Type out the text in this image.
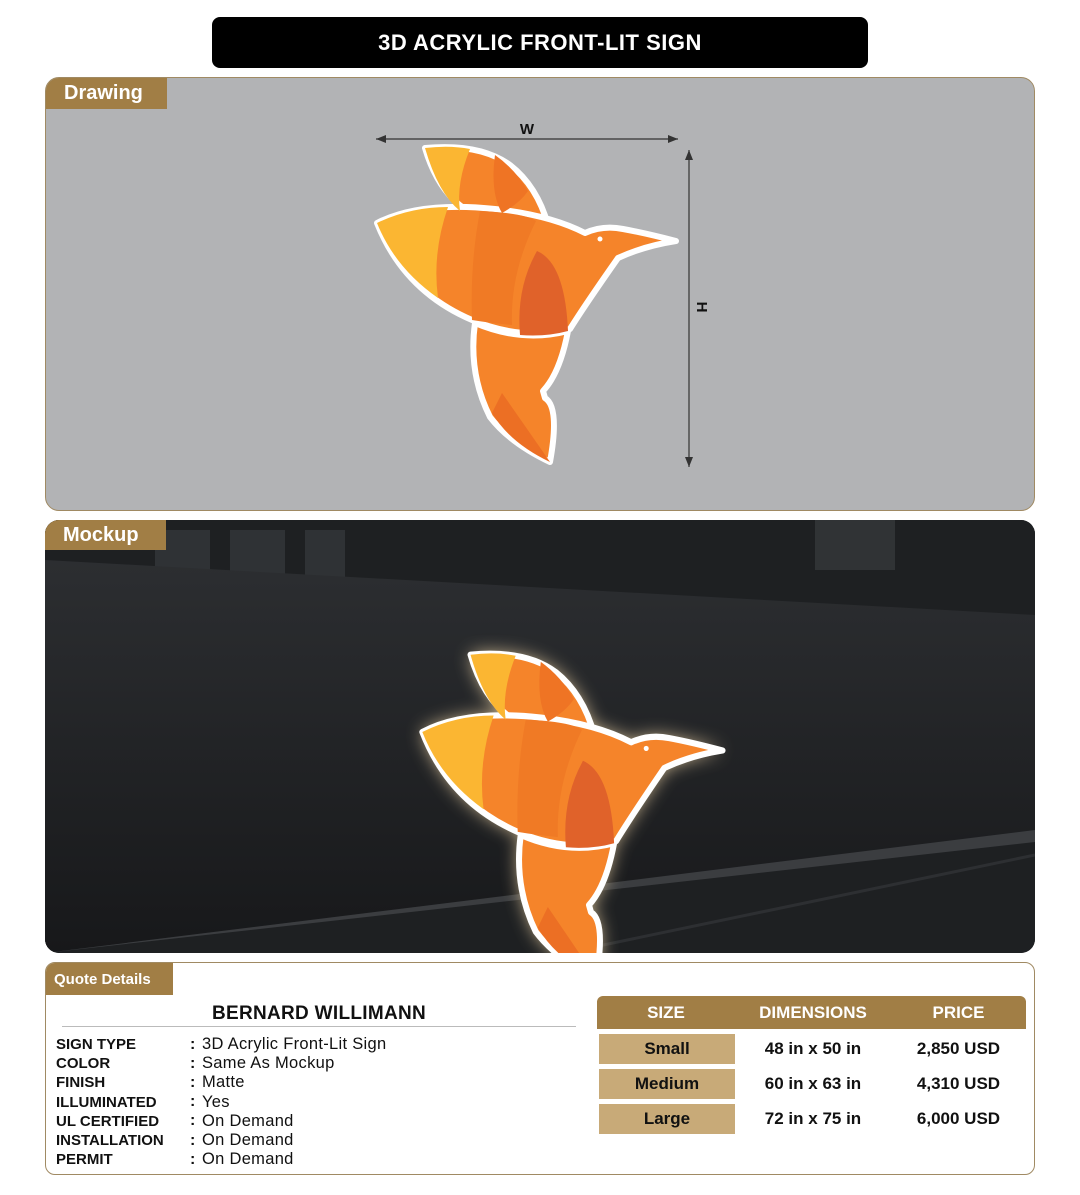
3D ACRYLIC FRONT-LIT SIGN
Drawing
W
H
Mockup
Quote Details
BERNARD WILLIMANN
SIGN TYPE	: 3D Acrylic Front-Lit Sign
COLOR	: Same As Mockup
FINISH	: Matte
ILLUMINATED	: Yes
UL CERTIFIED	: On Demand
INSTALLATION	: On Demand
PERMIT	: On Demand
SIZE	DIMENSIONS	PRICE
Small	48 in x 50 in	2,850 USD
Medium	60 in x 63 in	4,310 USD
Large	72 in x 75 in	6,000 USD
